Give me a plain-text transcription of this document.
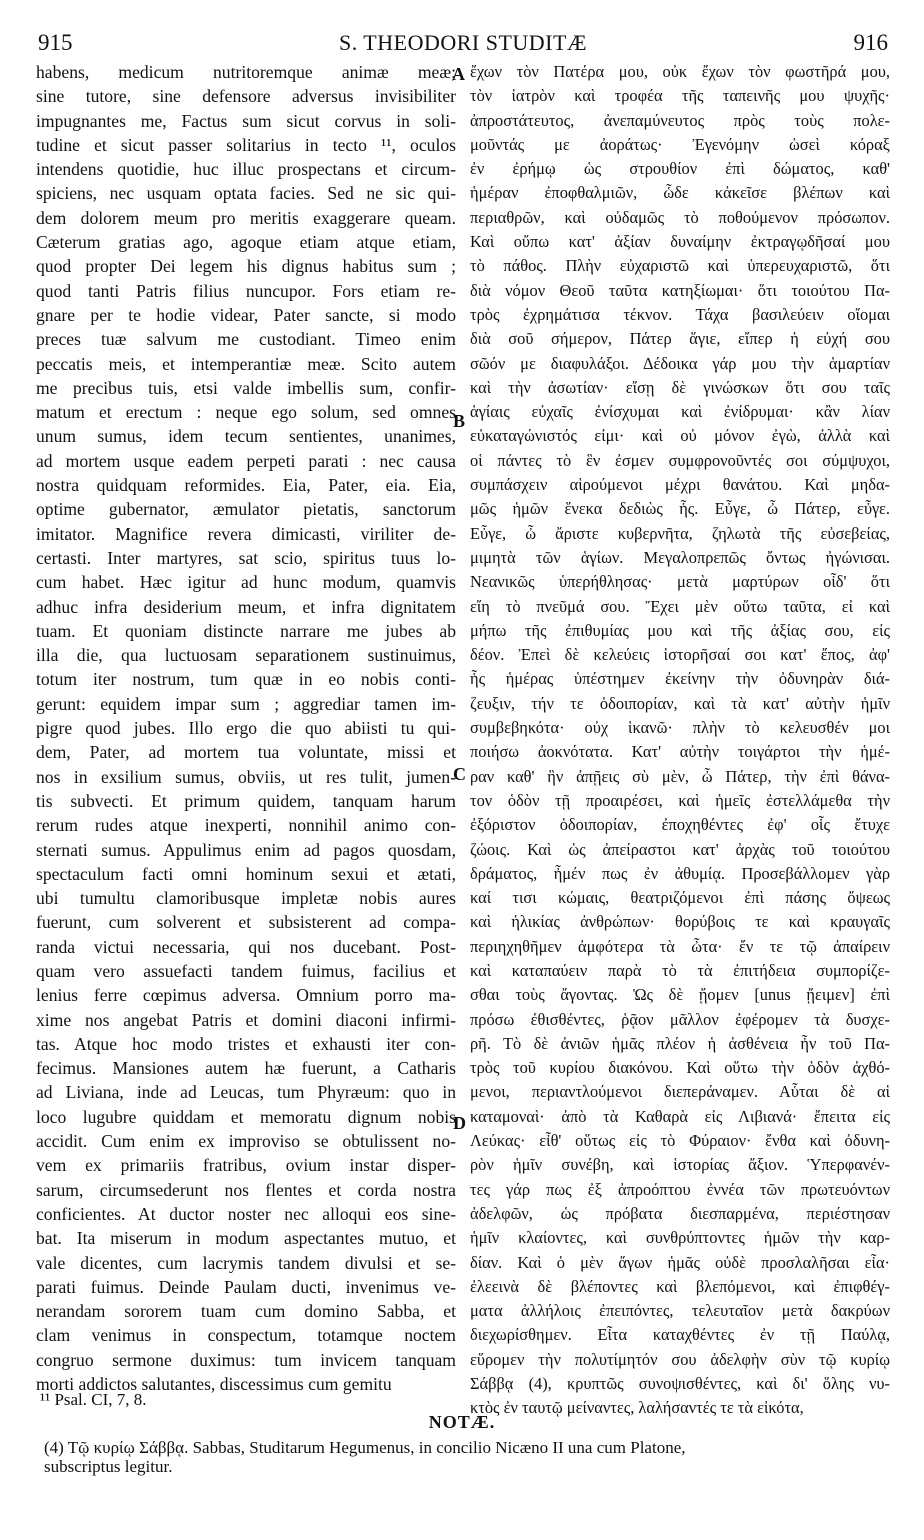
915	S. THEODORI STUDITÆ	916
habens, medicum nutritoremque animæ meæ;
sine tutore, sine defensore adversus invisibiliter
impugnantes me, Factus sum sicut corvus in soli-
tudine et sicut passer solitarius in tecto ¹¹, oculos
intendens quotidie, huc illuc prospectans et circum-
spiciens, nec usquam optata facies. Sed ne sic qui-
dem dolorem meum pro meritis exaggerare queam.
Cæterum gratias ago, agoque etiam atque etiam,
quod propter Dei legem his dignus habitus sum ;
quod tanti Patris filius nuncupor. Fors etiam re-
gnare per te hodie videar, Pater sancte, si modo
preces tuæ salvum me custodiant. Timeo enim
peccatis meis, et intemperantiæ meæ. Scito autem
me precibus tuis, etsi valde imbellis sum, confir-
matum et erectum : neque ego solum, sed omnes
unum sumus, idem tecum sentientes, unanimes,
ad mortem usque eadem perpeti parati : nec causa
nostra quidquam reformides. Eia, Pater, eia. Eia,
optime gubernator, æmulator pietatis, sanctorum
imitator. Magnifice revera dimicasti, viriliter de-
certasti. Inter martyres, sat scio, spiritus tuus lo-
cum habet. Hæc igitur ad hunc modum, quamvis
adhuc infra desiderium meum, et infra dignitatem
tuam. Et quoniam distincte narrare me jubes ab
illa die, qua luctuosam separationem sustinuimus,
totum iter nostrum, tum quæ in eo nobis conti-
gerunt: equidem impar sum ; aggrediar tamen im-
pigre quod jubes. Illo ergo die quo abiisti tu qui-
dem, Pater, ad mortem tua voluntate, missi et
nos in exsilium sumus, obviis, ut res tulit, jumen-
tis subvecti. Et primum quidem, tanquam harum
rerum rudes atque inexperti, nonnihil animo con-
sternati sumus. Appulimus enim ad pagos quosdam,
spectaculum facti omni hominum sexui et ætati,
ubi tumultu clamoribusque impletæ nobis aures
fuerunt, cum solverent et subsisterent ad compa-
randa victui necessaria, qui nos ducebant. Post-
quam vero assuefacti tandem fuimus, facilius et
lenius ferre cœpimus adversa. Omnium porro ma-
xime nos angebat Patris et domini diaconi infirmi-
tas. Atque hoc modo tristes et exhausti iter con-
fecimus. Mansiones autem hæ fuerunt, a Catharis
ad Liviana, inde ad Leucas, tum Phyræum: quo in
loco lugubre quiddam et memoratu dignum nobis
accidit. Cum enim ex improviso se obtulissent no-
vem ex primariis fratribus, ovium instar disper-
sarum, circumsederunt nos flentes et corda nostra
conficientes. At ductor noster nec alloqui eos sine-
bat. Ita miserum in modum aspectantes mutuo, et
vale dicentes, cum lacrymis tandem divulsi et se-
parati fuimus. Deinde Paulam ducti, invenimus ve-
nerandam sororem tuam cum domino Sabba, et
clam venimus in conspectum, totamque noctem
congruo sermone duximus: tum invicem tanquam
morti addictos salutantes, discessimus cum gemitu
ἔχων τὸν Πατέρα μου, οὐκ ἔχων τὸν φωστῆρά μου,
τὸν ἰατρὸν καὶ τροφέα τῆς ταπεινῆς μου ψυχῆς·
ἀπροστάτευτος, ἀνεπαμύνευτος πρὸς τοὺς πολε-
μοῦντάς με ἀοράτως· Ἐγενόμην ὡσεὶ κόραξ
ἐν ἐρήμῳ ὡς στρουθίον ἐπὶ δώματος, καθ'
ἡμέραν ἐποφθαλμιῶν, ὧδε κἀκεῖσε βλέπων καὶ
περιαθρῶν, καὶ οὐδαμῶς τὸ ποθούμενον πρόσωπον.
Καὶ οὔπω κατ' ἀξίαν δυναίμην ἐκτραγῳδῆσαί μου
τὸ πάθος. Πλὴν εὐχαριστῶ καὶ ὑπερευχαριστῶ, ὅτι
διὰ νόμον Θεοῦ ταῦτα κατηξίωμαι· ὅτι τοιούτου Πα-
τρὸς ἐχρημάτισα τέκνον. Τάχα βασιλεύειν οἴομαι
διὰ σοῦ σήμερον, Πάτερ ἅγιε, εἴπερ ἡ εὐχή σου
σῶόν με διαφυλάξοι. Δέδοικα γάρ μου τὴν ἁμαρτίαν
καὶ τὴν ἀσωτίαν· εἴσῃ δὲ γινώσκων ὅτι σου ταῖς
ἁγίαις εὐχαῖς ἐνίσχυμαι καὶ ἐνίδρυμαι· κἂν λίαν
εὐκαταγώνιστός εἰμι· καὶ οὐ μόνον ἐγὼ, ἀλλὰ καὶ
οἱ πάντες τὸ ἓν ἐσμεν συμφρονοῦντές σοι σύμψυχοι,
συμπάσχειν αἱρούμενοι μέχρι θανάτου. Καὶ μηδα-
μῶς ἡμῶν ἕνεκα δεδιὼς ἧς. Εὖγε, ὦ Πάτερ, εὖγε.
Εὖγε, ὦ ἄριστε κυβερνῆτα, ζηλωτὰ τῆς εὐσεβείας,
μιμητὰ τῶν ἁγίων. Μεγαλοπρεπῶς ὄντως ἠγώνισαι.
Νεανικῶς ὑπερήθλησας· μετὰ μαρτύρων οἶδ' ὅτι
εἴη τὸ πνεῦμά σου. Ἔχει μὲν οὕτω ταῦτα, εἰ καὶ
μήπω τῆς ἐπιθυμίας μου καὶ τῆς ἀξίας σου, εἰς
δέον. Ἐπεὶ δὲ κελεύεις ἱστορῆσαί σοι κατ' ἔπος, ἀφ'
ἧς ἡμέρας ὑπέστημεν ἐκείνην τὴν ὀδυνηρὰν διά-
ζευξιν, τήν τε ὁδοιπορίαν, καὶ τὰ κατ' αὐτὴν ἡμῖν
συμβεβηκότα· οὐχ ἱκανῶ· πλὴν τὸ κελευσθέν μοι
ποιήσω ἀοκνότατα. Κατ' αὐτὴν τοιγάρτοι τὴν ἡμέ-
ραν καθ' ἣν ἀπῇεις σὺ μὲν, ὦ Πάτερ, τὴν ἐπὶ θάνα-
τον ὁδὸν τῇ προαιρέσει, καὶ ἡμεῖς ἐστελλάμεθα τὴν
ἐξόριστον ὁδοιπορίαν, ἐποχηθέντες ἐφ' οἷς ἔτυχε
ζώοις. Καὶ ὡς ἀπείραστοι κατ' ἀρχὰς τοῦ τοιούτου
δράματος, ἦμέν πως ἐν ἀθυμίᾳ. Προσεβάλλομεν γὰρ
καί τισι κώμαις, θεατριζόμενοι ἐπὶ πάσης ὄψεως
καὶ ἡλικίας ἀνθρώπων· θορύβοις τε καὶ κραυγαῖς
περιηχηθῆμεν ἀμφότερα τὰ ὦτα· ἔν τε τῷ ἀπαίρειν
καὶ καταπαύειν παρὰ τὸ τὰ ἐπιτήδεια συμπορίζε-
σθαι τοὺς ἄγοντας. Ὡς δὲ ᾔομεν [unus ᾔειμεν] ἐπὶ
πρόσω ἐθισθέντες, ῥᾷον μᾶλλον ἐφέρομεν τὰ δυσχε-
ρῆ. Τὸ δὲ ἀνιῶν ἡμᾶς πλέον ἡ ἀσθένεια ἦν τοῦ Πα-
τρὸς τοῦ κυρίου διακόνου. Καὶ οὕτω τὴν ὁδὸν ἀχθό-
μενοι, περιαντλούμενοι διεπεράναμεν. Αὗται δὲ αἱ
καταμοναὶ· ἀπὸ τὰ Καθαρὰ εἰς Λιβιανά· ἔπειτα εἰς
Λεύκας· εἶθ' οὕτως εἰς τὸ Φύραιον· ἔνθα καὶ ὀδυνη-
ρὸν ἡμῖν συνέβη, καὶ ἱστορίας ἄξιον. Ὑπερφανέν-
τες γάρ πως ἐξ ἀπροόπτου ἐννέα τῶν πρωτευόντων
ἀδελφῶν, ὡς πρόβατα διεσπαρμένα, περιέστησαν
ἡμῖν κλαίοντες, καὶ συνθρύπτοντες ἡμῶν τὴν καρ-
δίαν. Καὶ ὁ μὲν ἄγων ἡμᾶς οὐδὲ προσλαλῆσαι εἶα·
ἐλεεινὰ δὲ βλέποντες καὶ βλεπόμενοι, καὶ ἐπιφθέγ-
ματα ἀλλήλοις ἐπειπόντες, τελευταῖον μετὰ δακρύων
διεχωρίσθημεν. Εἶτα καταχθέντες ἐν τῇ Παύλᾳ,
εὕρομεν τὴν πολυτίμητόν σου ἀδελφὴν σὺν τῷ κυρίῳ
Σάββᾳ (4), κρυπτῶς συνοψισθέντες, καὶ δι' ὅλης νυ-
κτὸς ἐν ταυτῷ μείναντες, λαλήσαντές τε τὰ εἰκότα,
A
B
C
D
¹¹ Psal. CI, 7, 8.
NOTÆ.
(4) Τῷ κυρίῳ Σάββᾳ. Sabbas, Studitarum Hegumenus, in concilio Nicæno II una cum Platone,
subscriptus legitur.
